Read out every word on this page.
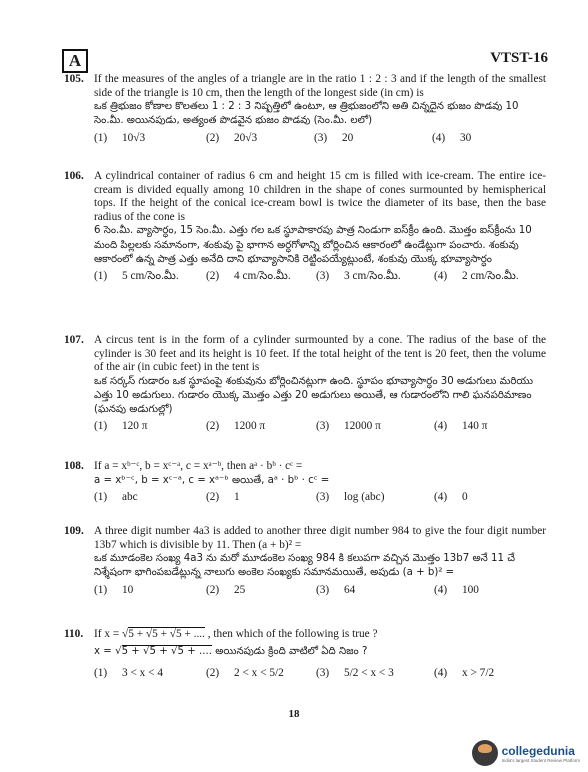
A	VTST-16
105. If the measures of the angles of a triangle are in the ratio 1 : 2 : 3 and if the length of the smallest side of the triangle is 10 cm, then the length of the longest side (in cm) is
ఒక త్రిభుజం కోణాల కొలతలు 1 : 2 : 3 నిష్పత్తిలో ఉంటూ, ఆ త్రిభుజంలోని అతి చిన్నదైన భుజం పొడవు 10 సెం.మీ. అయినపుడు, అత్యంత పొడవైన భుజం పొడవు (సెం.మీ. లలో)
(1)	10√3	(2)	20√3	(3)	20	(4)	30
106. A cylindrical container of radius 6 cm and height 15 cm is filled with ice-cream. The entire ice-cream is divided equally among 10 children in the shape of cones surmounted by hemispherical tops. If the height of the conical ice-cream bowl is twice the diameter of its base, then the base radius of the cone is
6 సెం.మీ. వ్యాసార్ధం, 15 సెం.మీ. ఎత్తు గల ఒక స్థూపాకారపు పాత్ర నిండుగా ఐస్‌క్రీం ఉంది. మొత్తం ఐస్‌క్రీంను 10 మంది పిల్లలకు సమానంగా, శంకువు పై భాగాన అర్ధగోళాన్ని బోర్లించిన ఆకారంలో ఉండేట్లుగా పంచారు. శంకువు ఆకారంలో ఉన్న పాత్ర ఎత్తు అనేది దాని భూవ్యాసానికి రెట్టింపయ్యేట్లుంటే, శంకువు యొక్క భూవ్యాసార్ధం
(1)	5 cm/సెం.మీ. (2)	4 cm/సెం.మీ. (3)	3 cm/సెం.మీ.	(4)	2 cm/సెం.మీ.
107. A circus tent is in the form of a cylinder surmounted by a cone. The radius of the base of the cylinder is 30 feet and its height is 10 feet. If the total height of the tent is 20 feet, then the volume of the air (in cubic feet) in the tent is
ఒక సర్కస్ గుడారం ఒక స్థూపంపై శంకువును బోర్లించినట్లుగా ఉంది. స్థూపం భూవ్యాసార్ధం 30 అడుగులు మరియు ఎత్తు 10 అడుగులు. గుడారం యొక్క మొత్తం ఎత్తు 20 అడుగులు అయితే, ఆ గుడారంలోని గాలి ఘనపరిమాణం (ఘనపు అడుగుల్లో)
(1)	120 π	(2)	1200 π	(3)	12000 π	(4)	140 π
108. If a = xᵇ⁻ᶜ, b = xᶜ⁻ᵃ, c = xᵃ⁻ᵇ, then aᵃ · bᵇ · cᶜ =
a = xᵇ⁻ᶜ, b = xᶜ⁻ᵃ, c = xᵃ⁻ᵇ అయితే, aᵃ · bᵇ · cᶜ =
(1)	abc	(2)	1	(3)	log (abc)	(4)	0
109. A three digit number 4a3 is added to another three digit number 984 to give the four digit number 13b7 which is divisible by 11. Then (a + b)² =
ఒక మూడంకెల సంఖ్య 4a3 ను మరో మూడంకెల సంఖ్య 984 కి కలుపగా వచ్చిన మొత్తం 13b7 అనే 11 చే నిశ్శేషంగా భాగింపబడేట్లున్న నాలుగు అంకెల సంఖ్యకు సమానమయితే, అపుడు (a + b)² =
(1)	10	(2)	25	(3)	64	(4)	100
110. If x = √5 + √5 + √5 + .... , then which of the following is true ?
x = √5 + √5 + √5 + .... అయినపుడు క్రింది వాటిలో ఏది నిజం ?
(1)	3 < x < 4	(2)	2 < x < 5/2	(3)	5/2 < x < 3	(4)	x > 7/2
18
collegedunia
India's largest Student Review Platform
